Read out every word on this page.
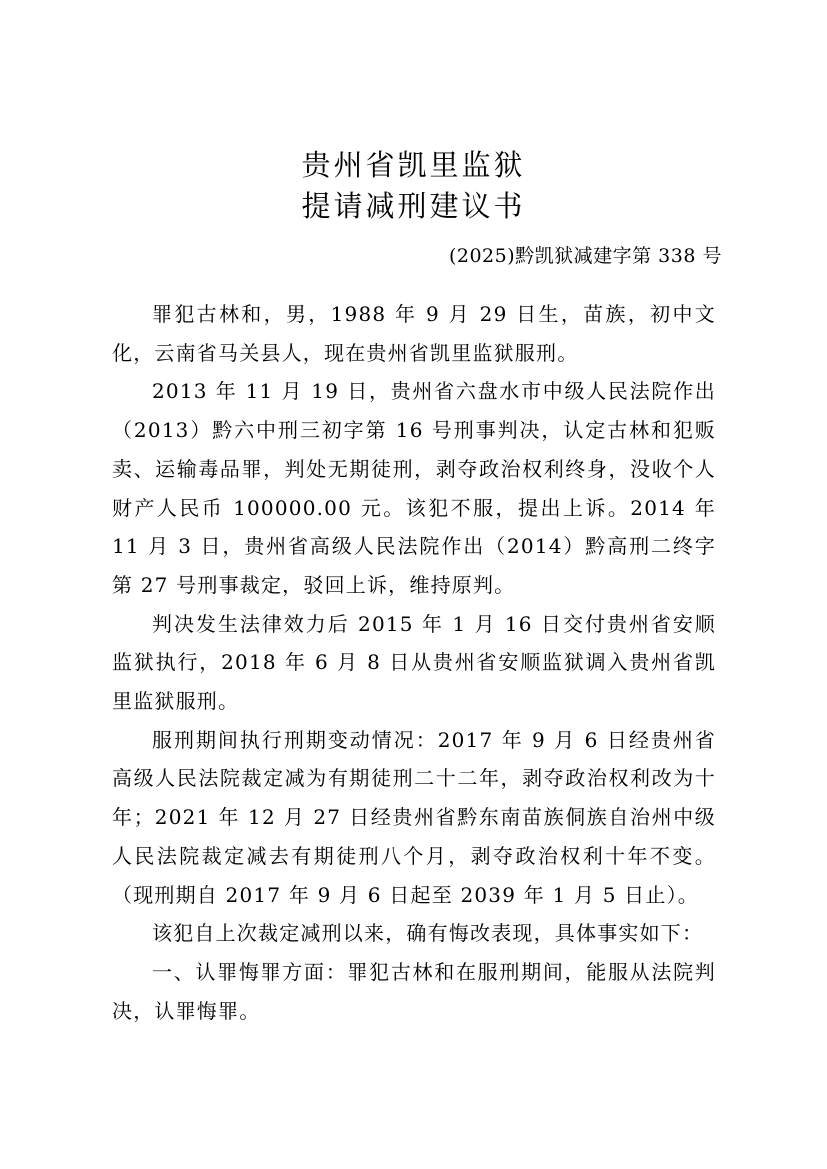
贵州省凯里监狱
提请减刑建议书
(2025)黔凯狱减建字第 338 号

罪犯古林和，男，1988 年 9 月 29 日生，苗族，初中文化，云南省马关县人，现在贵州省凯里监狱服刑。

2013 年 11 月 19 日，贵州省六盘水市中级人民法院作出（2013）黔六中刑三初字第 16 号刑事判决，认定古林和犯贩卖、运输毒品罪，判处无期徒刑，剥夺政治权利终身，没收个人财产人民币 100000.00 元。该犯不服，提出上诉。2014 年 11 月 3 日，贵州省高级人民法院作出（2014）黔高刑二终字第 27 号刑事裁定，驳回上诉，维持原判。

判决发生法律效力后 2015 年 1 月 16 日交付贵州省安顺监狱执行，2018 年 6 月 8 日从贵州省安顺监狱调入贵州省凯里监狱服刑。

服刑期间执行刑期变动情况：2017 年 9 月 6 日经贵州省高级人民法院裁定减为有期徒刑二十二年，剥夺政治权利改为十年；2021 年 12 月 27 日经贵州省黔东南苗族侗族自治州中级人民法院裁定减去有期徒刑八个月，剥夺政治权利十年不变。（现刑期自 2017 年 9 月 6 日起至 2039 年 1 月 5 日止）。

该犯自上次裁定减刑以来，确有悔改表现，具体事实如下：

一、认罪悔罪方面：罪犯古林和在服刑期间，能服从法院判决，认罪悔罪。
